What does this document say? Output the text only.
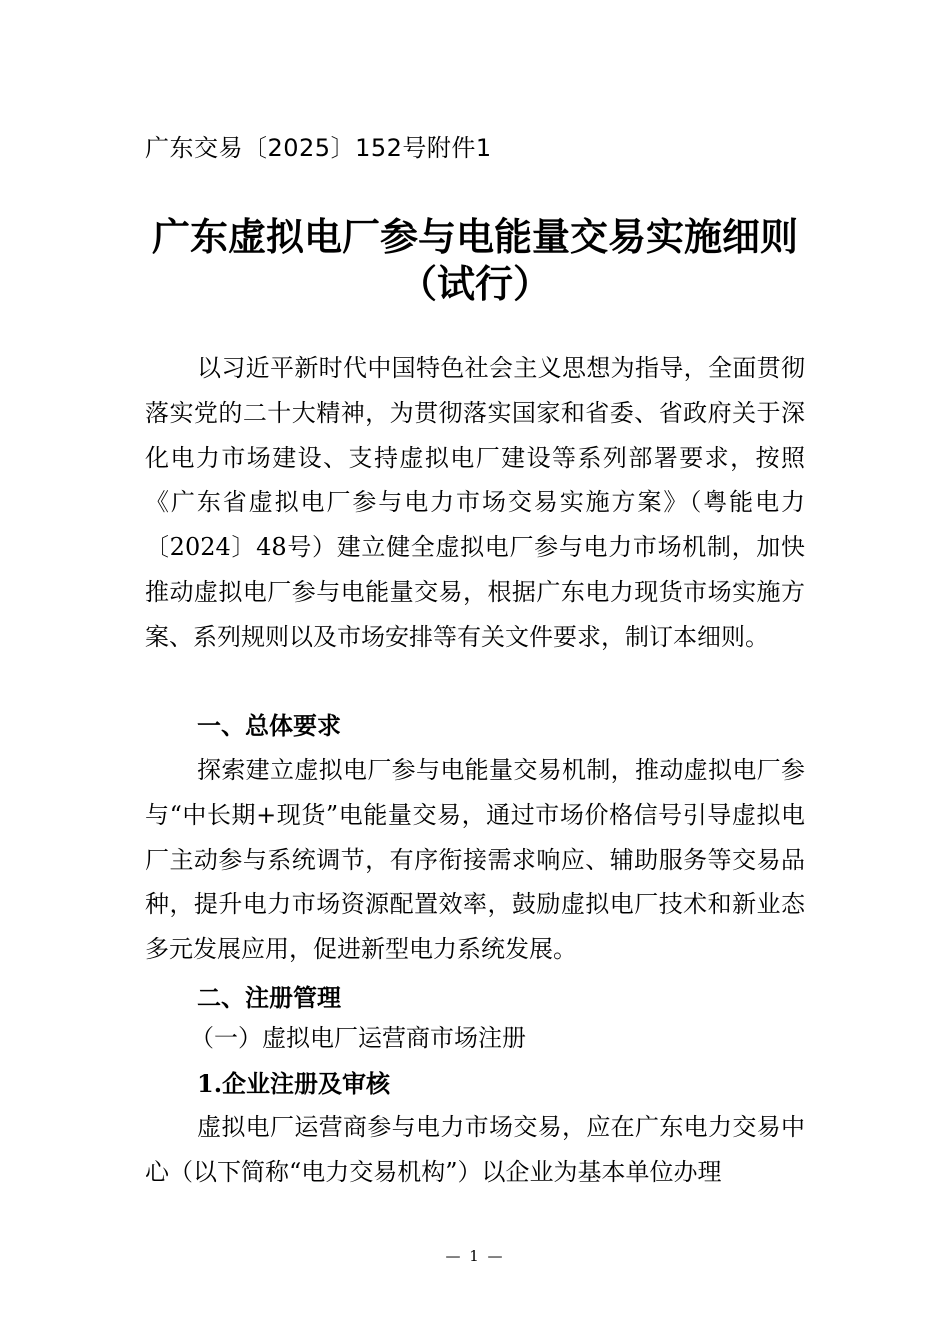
广东交易〔2025〕152号附件1
广东虚拟电厂参与电能量交易实施细则
（试行）
以习近平新时代中国特色社会主义思想为指导，全面贯彻落实党的二十大精神，为贯彻落实国家和省委、省政府关于深化电力市场建设、支持虚拟电厂建设等系列部署要求，按照《广东省虚拟电厂参与电力市场交易实施方案》（粤能电力〔2024〕48号）建立健全虚拟电厂参与电力市场机制，加快推动虚拟电厂参与电能量交易，根据广东电力现货市场实施方案、系列规则以及市场安排等有关文件要求，制订本细则。
一、总体要求
探索建立虚拟电厂参与电能量交易机制，推动虚拟电厂参与“中长期+现货”电能量交易，通过市场价格信号引导虚拟电厂主动参与系统调节，有序衔接需求响应、辅助服务等交易品种，提升电力市场资源配置效率，鼓励虚拟电厂技术和新业态多元发展应用，促进新型电力系统发展。
二、注册管理
（一）虚拟电厂运营商市场注册
1.企业注册及审核
虚拟电厂运营商参与电力市场交易，应在广东电力交易中心（以下简称“电力交易机构”）以企业为基本单位办理
— 1 —
